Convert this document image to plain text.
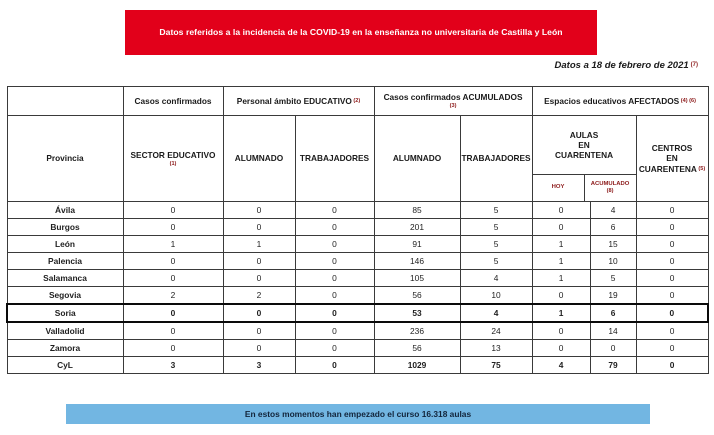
Datos referidos a la incidencia de la COVID-19 en la enseñanza no universitaria de Castilla y León
Datos a 18 de febrero de 2021 $^{(7)}$
	Casos confirmados	Personal ámbito EDUCATIVO (2)	Casos confirmados ACUMULADOS
(3)
	Espacios educativos AFECTADOS (4) (6)
Provincia	SECTOR EDUCATIVO
(1)
	ALUMNADO	TRABAJADORES	ALUMNADO	TRABAJADORES	
AULAS
EN
CUARENTENA
HOY	ACUMULADO
(8)
	CENTROS
EN
CUARENTENA (5)
Ávila	0	0	0	85	5	0	4	0
Burgos	0	0	0	201	5	0	6	0
León	1	1	0	91	5	1	15	0
Palencia	0	0	0	146	5	1	10	0
Salamanca	0	0	0	105	4	1	5	0
Segovia	2	2	0	56	10	0	19	0
Soria	0	0	0	53	4	1	6	0
Valladolid	0	0	0	236	24	0	14	0
Zamora	0	0	0	56	13	0	0	0
CyL	3	3	0	1029	75	4	79	0
En estos momentos han empezado el curso 16.318 aulas
